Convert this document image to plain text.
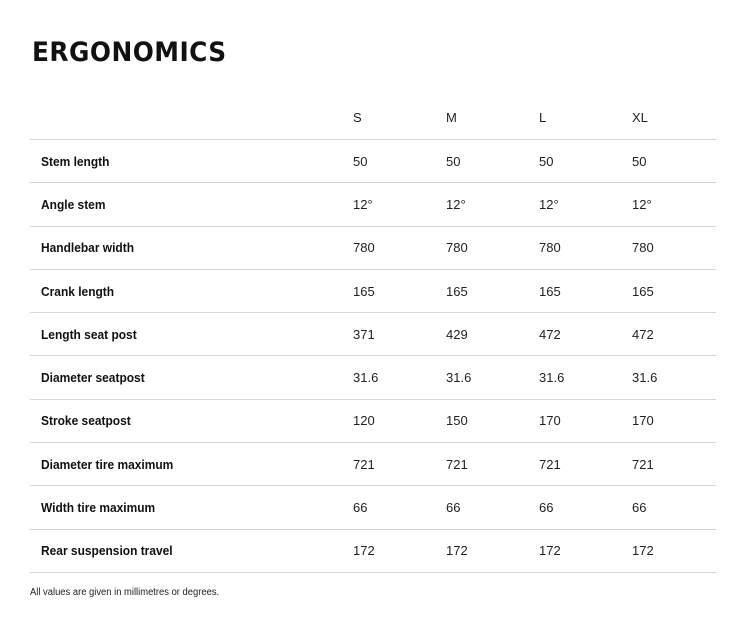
ERGONOMICS
	S	M	L	XL
Stem length	50	50	50	50
Angle stem	12°	12°	12°	12°
Handlebar width	780	780	780	780
Crank length	165	165	165	165
Length seat post	371	429	472	472
Diameter seatpost	31.6	31.6	31.6	31.6
Stroke seatpost	120	150	170	170
Diameter tire maximum	721	721	721	721
Width tire maximum	66	66	66	66
Rear suspension travel	172	172	172	172
All values are given in millimetres or degrees.
